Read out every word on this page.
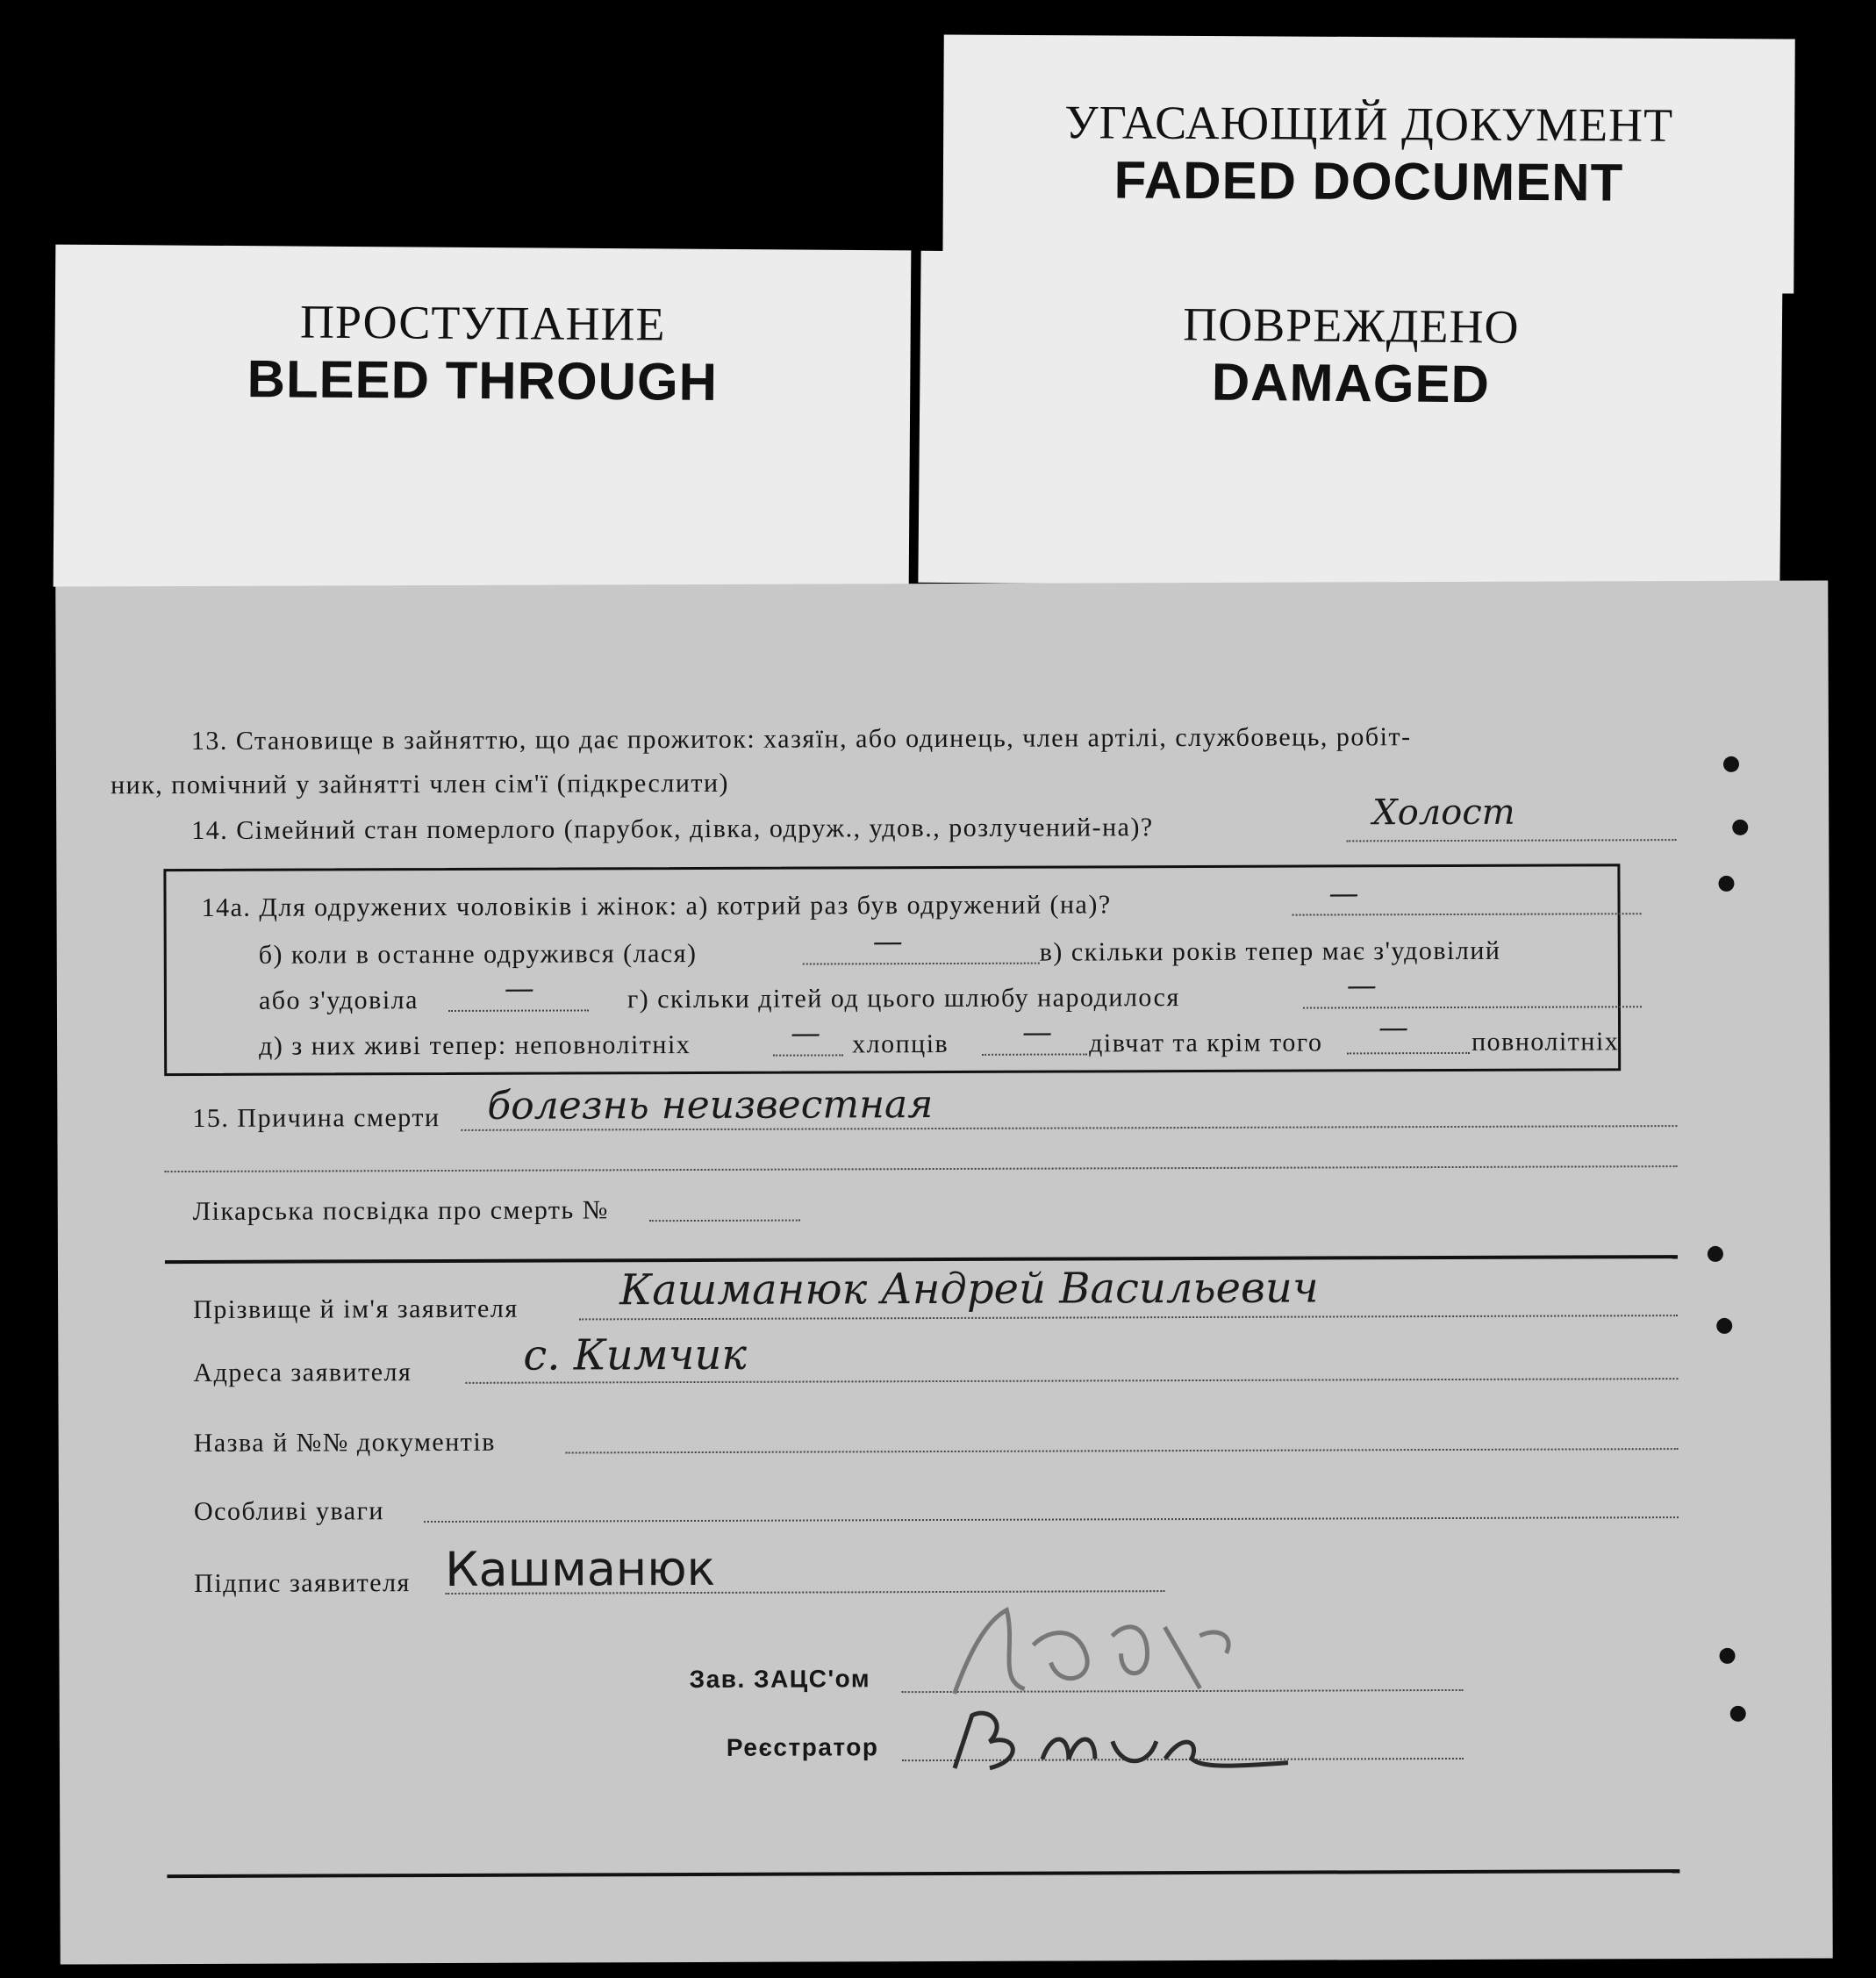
УГАСАЮЩИЙ ДОКУМЕНТ
FADED DOCUMENT
ПРОСТУПАНИЕ
BLEED THROUGH
ПОВРЕЖДЕНО
DAMAGED
13. Становище в зайняттю, що дає прожиток: хазяїн, або одинець, член артілі, службовець, робіт-
ник, помічний у зайнятті член сім'ї (підкреслити)
14. Сімейний стан померлого (парубок, дівка, одруж., удов., розлучений-на)?	Холост
14а. Для одружених чоловіків і жінок: а) котрий раз був одружений (на)?	—
б) коли в останне одружився (лася)	—	в) скільки років тепер має з'удовілий
або з'удовіла	—	г) скільки дітей од цього шлюбу народилося	—
д) з них живі тепер: неповнолітніх	— хлопців — дівчат та крім того — повнолітніх
15. Причина смерти болезнь неизвестная
Лікарська посвідка про смерть №
Прізвище й ім'я заявителя Кашманюк Андрей Васильевич
Адреса заявителя	с. Кимчик
Назва й №№ документів
Особливі уваги
Підпис заявителя Кашманюк
Зав. ЗАЦС'ом
Реєстратор
